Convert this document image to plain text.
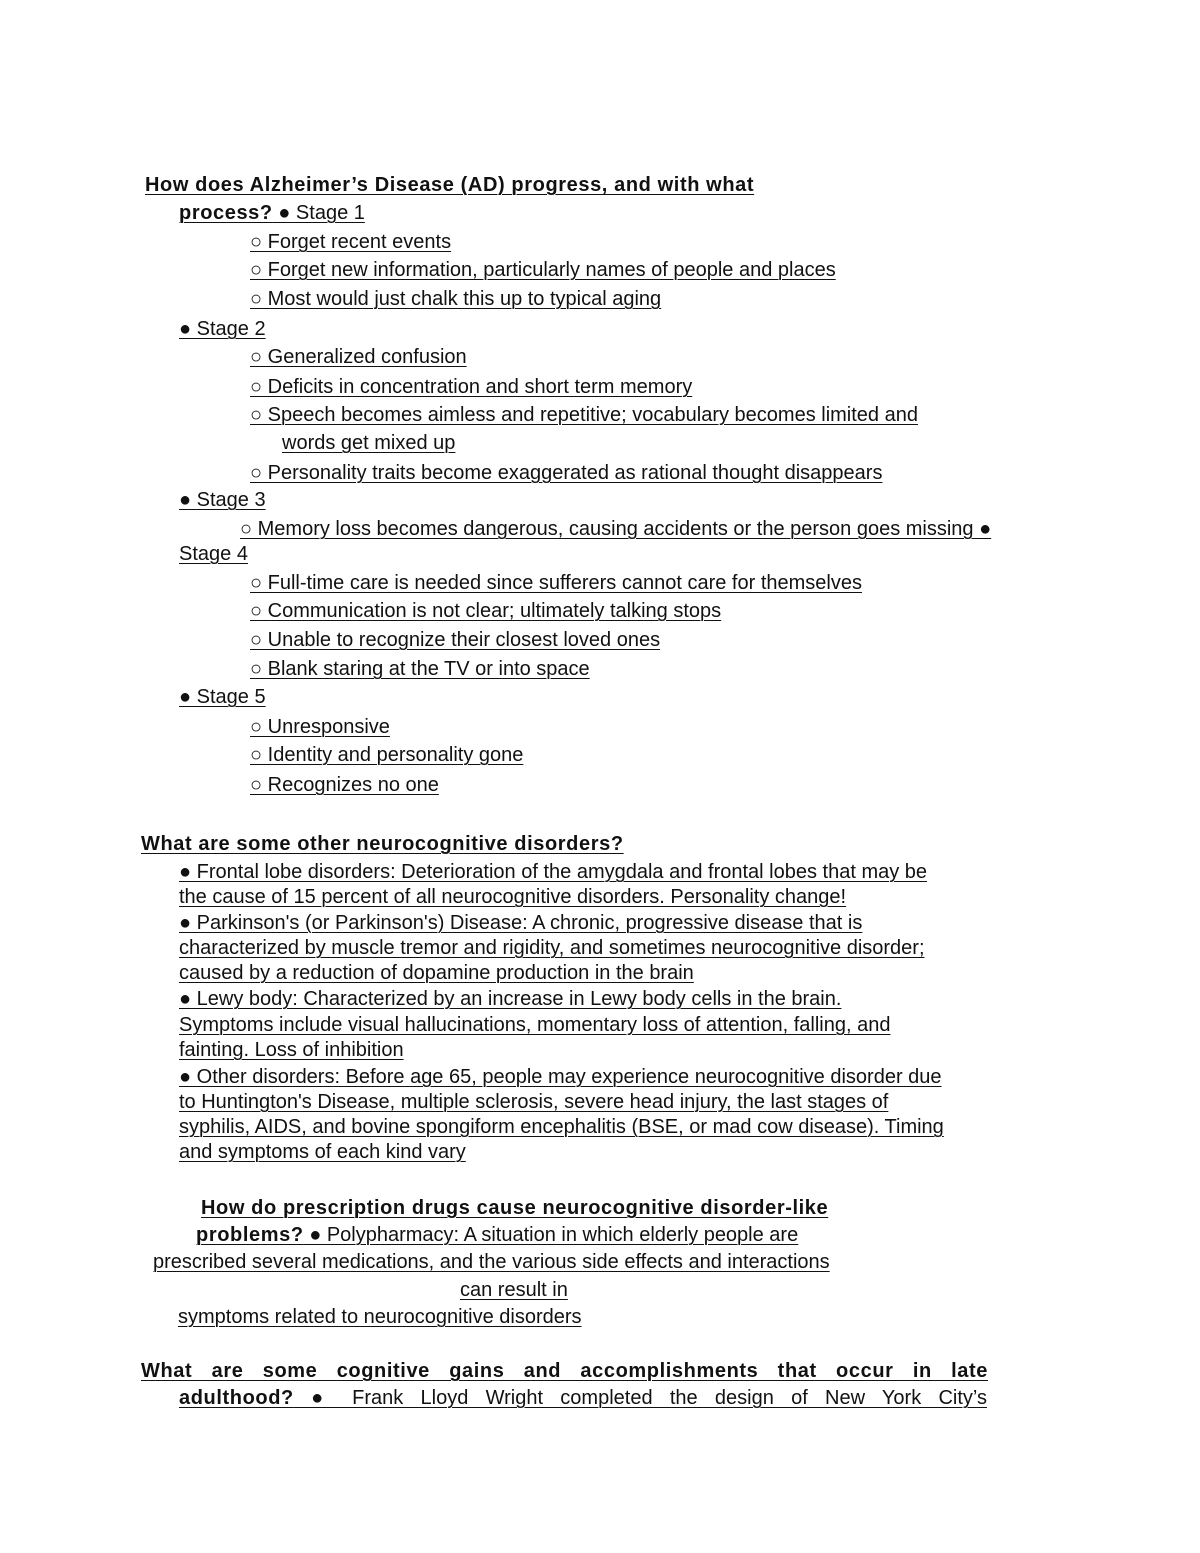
How does Alzheimer’s Disease (AD) progress, and with what
process? ● Stage 1
○ Forget recent events
○ Forget new information, particularly names of people and places
○ Most would just chalk this up to typical aging
● Stage 2
○ Generalized confusion
○ Deficits in concentration and short term memory
○ Speech becomes aimless and repetitive; vocabulary becomes limited and
words get mixed up
○ Personality traits become exaggerated as rational thought disappears
● Stage 3
○ Memory loss becomes dangerous, causing accidents or the person goes missing ●
Stage 4
○ Full-time care is needed since sufferers cannot care for themselves
○ Communication is not clear; ultimately talking stops
○ Unable to recognize their closest loved ones
○ Blank staring at the TV or into space
● Stage 5
○ Unresponsive
○ Identity and personality gone
○ Recognizes no one
What are some other neurocognitive disorders?
● Frontal lobe disorders: Deterioration of the amygdala and frontal lobes that may be
the cause of 15 percent of all neurocognitive disorders. Personality change!
● Parkinson's (or Parkinson's) Disease: A chronic, progressive disease that is
characterized by muscle tremor and rigidity, and sometimes neurocognitive disorder;
caused by a reduction of dopamine production in the brain
● Lewy body: Characterized by an increase in Lewy body cells in the brain.
Symptoms include visual hallucinations, momentary loss of attention, falling, and
fainting. Loss of inhibition
● Other disorders: Before age 65, people may experience neurocognitive disorder due
to Huntington's Disease, multiple sclerosis, severe head injury, the last stages of
syphilis, AIDS, and bovine spongiform encephalitis (BSE, or mad cow disease). Timing
and symptoms of each kind vary
How do prescription drugs cause neurocognitive disorder-like
problems? ● Polypharmacy: A situation in which elderly people are
prescribed several medications, and the various side effects and interactions
can result in
symptoms related to neurocognitive disorders
What are some cognitive gains and accomplishments that occur in late
adulthood? ● Frank Lloyd Wright completed the design of New York City’s
